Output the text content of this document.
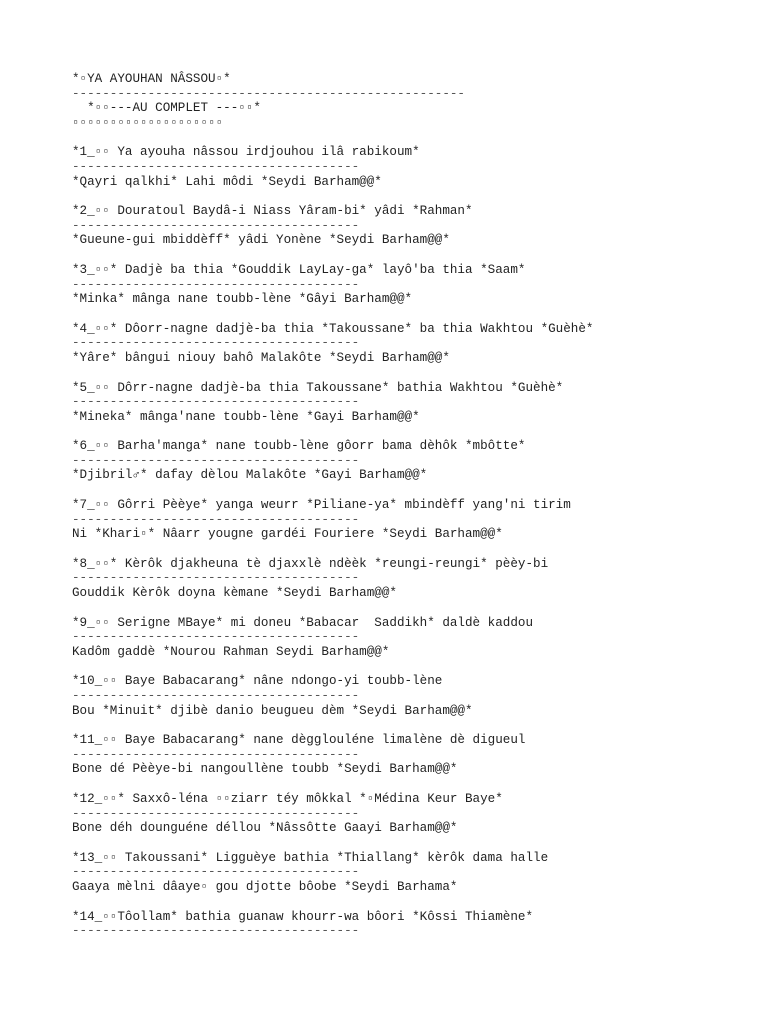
*▫YA AYOUHAN NÂSSOU▫*
----------------------------------------------------
*▫▫---AU COMPLET ---▫▫*
▫▫▫▫▫▫▫▫▫▫▫▫▫▫▫▫▫▫▫▫
*1_▫▫ Ya ayouha nâssou irdjouhou ilâ rabikoum*
--------------------------------------
*Qayri qalkhi* Lahi môdi *Seydi Barham@@*
*2_▫▫ Douratoul Baydâ-i Niass Yâram-bi* yâdi *Rahman*
--------------------------------------
*Gueune-gui mbiddèff* yâdi Yonène *Seydi Barham@@*
*3_▫▫* Dadjè ba thia *Gouddik LayLay-ga* layô'ba thia *Saam*
--------------------------------------
*Minka* mânga nane toubb-lène *Gâyi Barham@@*
*4_▫▫* Dôorr-nagne dadjè-ba thia *Takoussane* ba thia Wakhtou *Guèhè*
--------------------------------------
*Yâre* bângui niouy bahô Malakôte *Seydi Barham@@*
*5_▫▫ Dôrr-nagne dadjè-ba thia Takoussane* bathia Wakhtou *Guèhè*
--------------------------------------
*Mineka* mânga'nane toubb-lène *Gayi Barham@@*
*6_▫▫ Barha'manga* nane toubb-lène gôorr bama dèhôk *mbôtte*
--------------------------------------
*Djibril♂* dafay dèlou Malakôte *Gayi Barham@@*
*7_▫▫ Gôrri Pèèye* yanga weurr *Piliane-ya* mbindèff yang'ni tirim
--------------------------------------
Ni *Khari▫* Nâarr yougne gardéi Fouriere *Seydi Barham@@*
*8_▫▫* Kèrôk djakheuna tè djaxxlè ndèèk *reungi-reungi* pèèy-bi
--------------------------------------
Gouddik Kèrôk doyna kèmane *Seydi Barham@@*
*9_▫▫ Serigne MBaye* mi doneu *Babacar  Saddikh* daldè kaddou
--------------------------------------
Kadôm gaddè *Nourou Rahman Seydi Barham@@*
*10_▫▫ Baye Babacarang* nâne ndongo-yi toubb-lène
--------------------------------------
Bou *Minuit* djibè danio beugueu dèm *Seydi Barham@@*
*11_▫▫ Baye Babacarang* nane dègglouléne limalène dè digueul
--------------------------------------
Bone dé Pèèye-bi nangoullène toubb *Seydi Barham@@*
*12_▫▫* Saxxô-léna ▫▫ziarr téy môkkal *▫Médina Keur Baye*
--------------------------------------
Bone déh dounguéne déllou *Nâssôtte Gaayi Barham@@*
*13_▫▫ Takoussani* Ligguèye bathia *Thiallang* kèrôk dama halle
--------------------------------------
Gaaya mèlni dâaye▫ gou djotte bôobe *Seydi Barhama*
*14_▫▫Tôollam* bathia guanaw khourr-wa bôori *Kôssi Thiamène*
--------------------------------------
